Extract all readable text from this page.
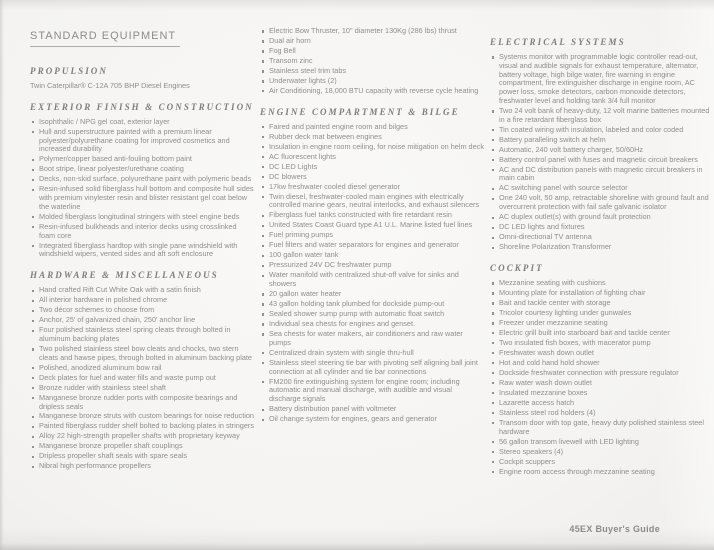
STANDARD EQUIPMENT
PROPULSION

Twin Caterpillar® C-12A 705 BHP Diesel Engines

EXTERIOR FINISH & CONSTRUCTION
Isophthalic / NPG gel coat, exterior layer
Hull and superstructure painted with a premium linear polyester/polyurethane coating for improved cosmetics and increased durability
Polymer/copper based anti-fouling bottom paint
Boot stripe, linear polyester/urethane coating
Decks, non-skid surface, polyurethane paint with polymeric beads
Resin-infused solid fiberglass hull bottom and composite hull sides with premium vinylester resin and blister resistant gel coat below the waterline
Molded fiberglass longitudinal stringers with steel engine beds
Resin-infused bulkheads and interior decks using crosslinked foam core
Integrated fiberglass hardtop with single pane windshield with windshield wipers, vented sides and aft soft enclosure
HARDWARE & MISCELLANEOUS
Hand crafted Rift Cut White Oak with a satin finish
All interior hardware in polished chrome
Two décor schemes to choose from
Anchor, 25' of galvanized chain, 250' anchor line
Four polished stainless steel spring cleats through bolted in aluminum backing plates
Two polished stainless steel bow cleats and chocks, two stern cleats and hawse pipes, through bolted in aluminum backing plate
Polished, anodized aluminum bow rail
Deck plates for fuel and water fills and waste pump out
Bronze rudder with stainless steel shaft
Manganese bronze rudder ports with composite bearings and dripless seals
Manganese bronze struts with custom bearings for noise reduction
Painted fiberglass rudder shelf bolted to backing plates in stringers
Alloy 22 high-strength propeller shafts with proprietary keyway
Manganese bronze propeller shaft couplings
Dripless propeller shaft seals with spare seals
Nibral high performance propellers
Electric Bow Thruster, 10" diameter 130Kg (286 lbs) thrust
Dual air horn
Fog Bell
Transom zinc
Stainless steel trim tabs
Underwater lights (2)
Air Conditioning, 18,000 BTU capacity with reverse cycle heating
ENGINE COMPARTMENT & BILGE
Faired and painted engine room and bilges
Rubber deck mat between engines
Insulation in engine room ceiling, for noise mitigation on helm deck
AC fluorescent lights
DC LED Lights
DC blowers
17kw freshwater cooled diesel generator
Twin diesel, freshwater-cooled main engines with electrically controlled marine gears, neutral interlocks, and exhaust silencers
Fiberglass fuel tanks constructed with fire retardant resin
United States Coast Guard type A1 U.L. Marine listed fuel lines
Fuel priming pumps
Fuel filters and water separators for engines and generator
100 gallon water tank
Pressurized 24V DC freshwater pump
Water manifold with centralized shut-off valve for sinks and showers
20 gallon water heater
43 gallon holding tank plumbed for dockside pump-out
Sealed shower sump pump with automatic float switch
Individual sea chests for engines and genset.
Sea chests for water makers, air conditioners and raw water pumps
Centralized drain system with single thru-hull
Stainless steel steering tie bar with pivoting self aligning ball joint connection at all cylinder and tie bar connections
FM200 fire extinguishing system for engine room; including automatic and manual discharge, with audible and visual discharge signals
Battery distribution panel with voltmeter
Oil change system for engines, gears and generator
ELECTRICAL SYSTEMS
Systems monitor with programmable logic controller read-out, visual and audible signals for exhaust temperature, alternator, battery voltage, high bilge water, fire warning in engine compartment, fire extinguisher discharge in engine room, AC power loss, smoke detectors, carbon monoxide detectors, freshwater level and holding tank 3/4 full monitor
Two 24 volt bank of heavy-duty, 12 volt marine batteries mounted in a fire retardant fiberglass box
Tin coated wiring with insulation, labeled and color coded
Battery paralleling switch at helm
Automatic, 240 volt battery charger, 50/60Hz
Battery control panel with fuses and magnetic circuit breakers
AC and DC distribution panels with magnetic circuit breakers in main cabin
AC switching panel with source selector
One 240 volt, 50 amp, retractable shoreline with ground fault and overcurrent protection with fail safe galvanic isolator
AC duplex outlet(s) with ground fault protection
DC LED lights and fixtures
Omni-directional TV antenna
Shoreline Polarization Transformer
COCKPIT
Mezzanine seating with cushions
Mounting plate for installation of fighting chair
Bait and tackle center with storage
Tricolor courtesy lighting under gunwales
Freezer under mezzanine seating
Electric grill built into starboard bait and tackle center
Two insulated fish boxes, with macerator pump
Freshwater wash down outlet
Hot and cold hand hold shower
Dockside freshwater connection with pressure regulator
Raw water wash down outlet
Insulated mezzanine boxes
Lazarette access hatch
Stainless steel rod holders (4)
Transom door with top gate, heavy duty polished stainless steel hardware
56 gallon transom livewell with LED lighting
Stereo speakers (4)
Cockpit scuppers
Engine room access through mezzanine seating
45EX Buyer's Guide
